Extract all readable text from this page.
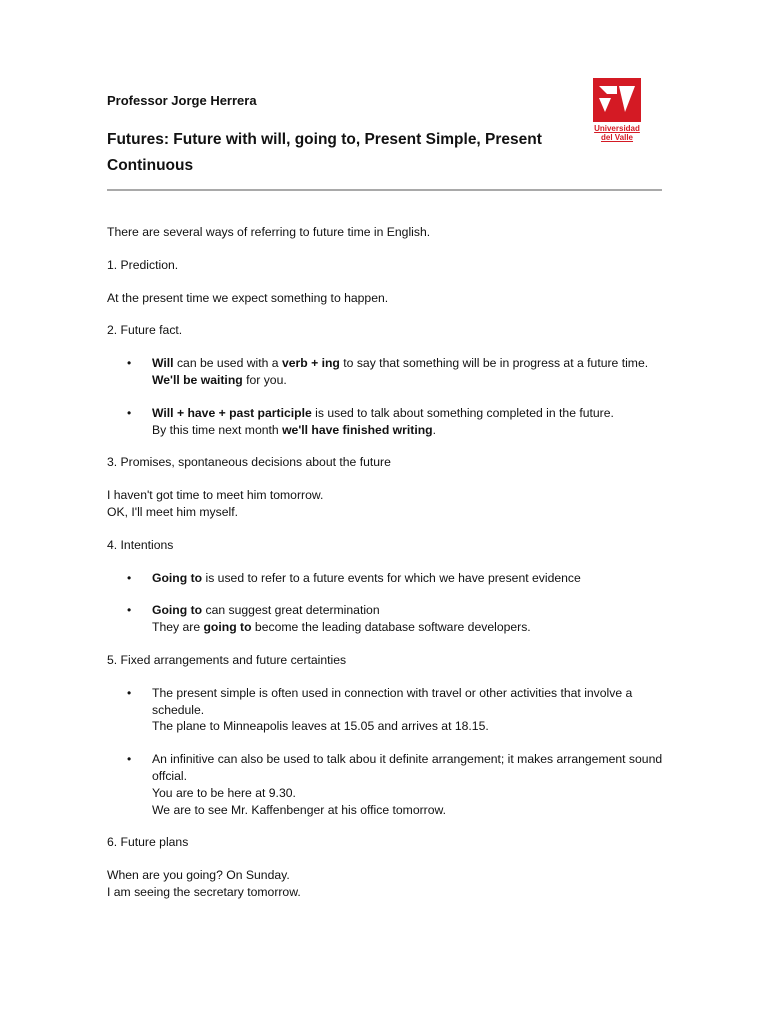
Professor Jorge Herrera
Futures: Future with will, going to, Present Simple, Present Continuous
Universidad
del Valle

There are several ways of referring to future time in English.

1. Prediction.

At the present time we expect something to happen.

2. Future fact.

• Will can be used with a verb + ing to say that something will be in progress at a future time.
We'll be waiting for you.
• Will + have + past participle is used to talk about something completed in the future.
By this time next month we'll have finished writing.

3. Promises, spontaneous decisions about the future

I haven't got time to meet him tomorrow.

OK, I'll meet him myself.

4. Intentions

• Going to is used to refer to a future events for which we have present evidence
• Going to can suggest great determination
They are going to become the leading database software developers.

5. Fixed arrangements and future certainties

• The present simple is often used in connection with travel or other activities that involve a schedule.
The plane to Minneapolis leaves at 15.05 and arrives at 18.15.
• An infinitive can also be used to talk abou it definite arrangement; it makes arrangement sound offcial.
You are to be here at 9.30.
We are to see Mr. Kaffenbenger at his office tomorrow.

6. Future plans

When are you going? On Sunday.

I am seeing the secretary tomorrow.
